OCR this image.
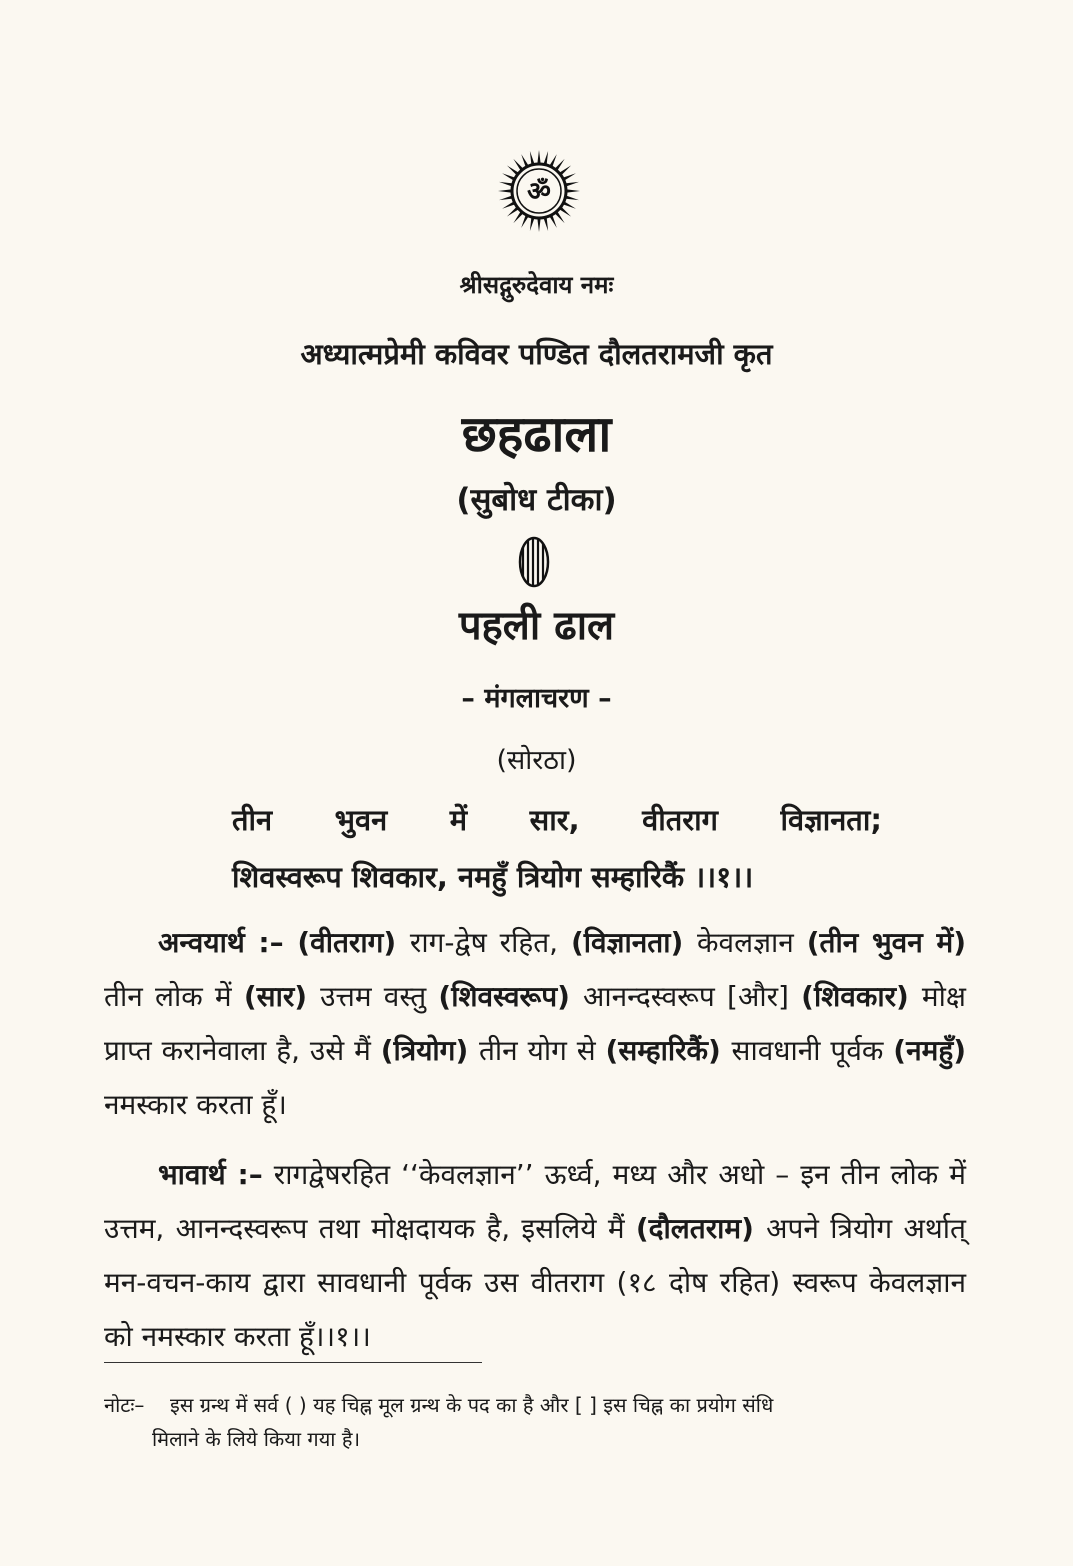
ॐ
श्रीसद्गुरुदेवाय नमः
अध्यात्मप्रेमी कविवर पण्डित दौलतरामजी कृत
छहढाला
(सुबोध टीका)
पहली ढाल
– मंगलाचरण –
(सोरठा)
तीन भुवन में सार, वीतराग विज्ञानता;
शिवस्वरूप शिवकार, नमहुँ त्रियोग सम्हारिकैं ।।१।।
अन्वयार्थ :– (वीतराग) राग-द्वेष रहित, (विज्ञानता) केवलज्ञान (तीन भुवन में) तीन लोक में (सार) उत्तम वस्तु (शिवस्वरूप) आनन्दस्वरूप [और] (शिवकार) मोक्ष प्राप्त करानेवाला है, उसे मैं (त्रियोग) तीन योग से (सम्हारिकैं) सावधानी पूर्वक (नमहुँ) नमस्कार करता हूँ।
भावार्थ :– रागद्वेषरहित ‘‘केवलज्ञान’’ ऊर्ध्व, मध्य और अधो – इन तीन लोक में उत्तम, आनन्दस्वरूप तथा मोक्षदायक है, इसलिये मैं (दौलतराम) अपने त्रियोग अर्थात् मन-वचन-काय द्वारा सावधानी पूर्वक उस वीतराग (१८ दोष रहित) स्वरूप केवलज्ञान को नमस्कार करता हूँ।।१।।
नोटः– इस ग्रन्थ में सर्व ( ) यह चिह्न मूल ग्रन्थ के पद का है और [ ] इस चिह्न का प्रयोग संधि
मिलाने के लिये किया गया है।
